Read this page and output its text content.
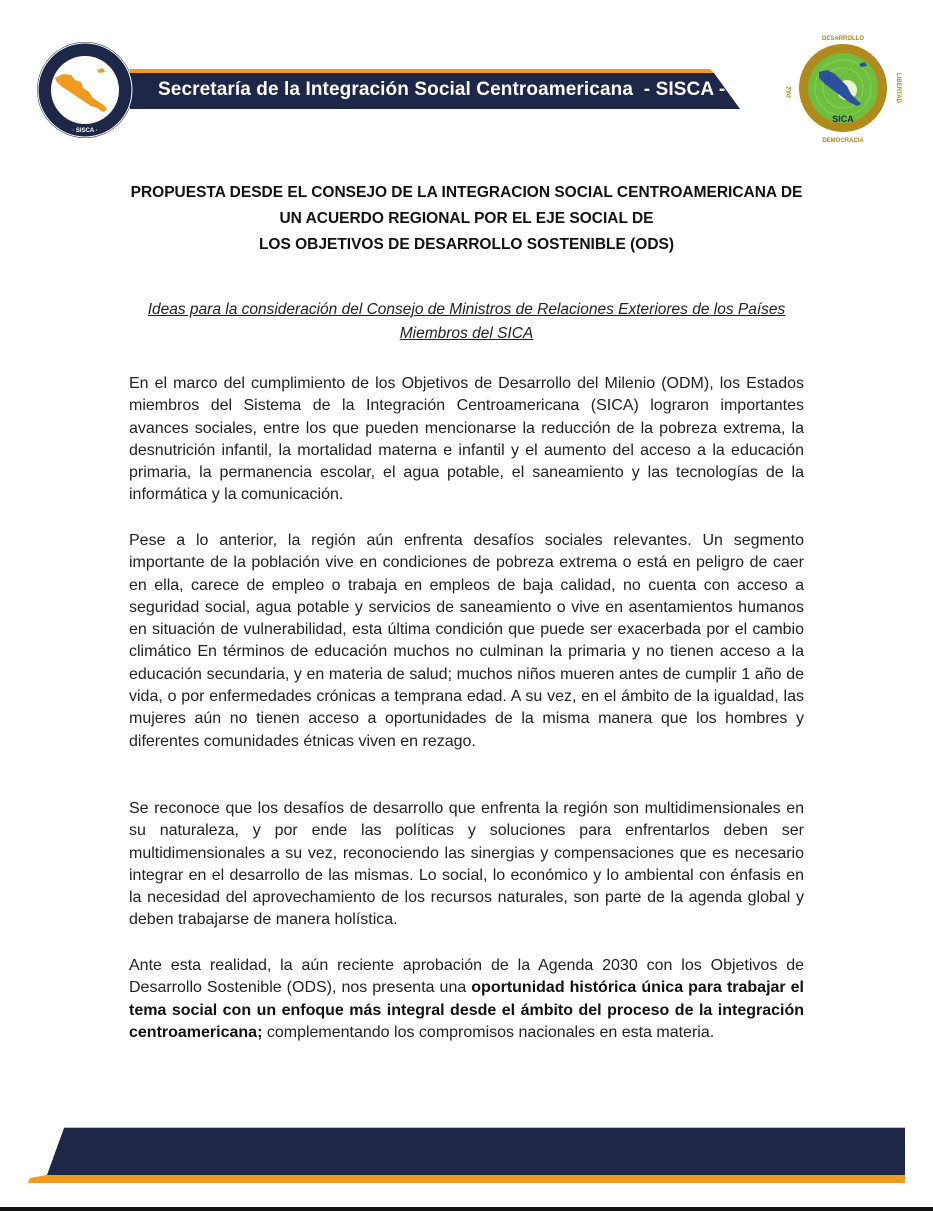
Secretaría de la Integración Social Centroamericana  - SISCA -
· SISCA ·
SICA
DESARROLLO
DEMOCRACIA
PAZ	LIBERTAD
PROPUESTA DESDE EL CONSEJO DE LA INTEGRACION SOCIAL CENTROAMERICANA DE
UN ACUERDO REGIONAL POR EL EJE SOCIAL DE
LOS OBJETIVOS DE DESARROLLO SOSTENIBLE (ODS)
Ideas para la consideración del Consejo de Ministros de Relaciones Exteriores de los Países
Miembros del SICA

En el marco del cumplimiento de los Objetivos de Desarrollo del Milenio (ODM), los Estados miembros del Sistema de la Integración Centroamericana (SICA) lograron importantes avances sociales, entre los que pueden mencionarse la reducción de la pobreza extrema, la desnutrición infantil, la mortalidad materna e infantil y el aumento del acceso a la educación primaria, la permanencia escolar, el agua potable, el saneamiento y las tecnologías de la informática y la comunicación.

Pese a lo anterior, la región aún enfrenta desafíos sociales relevantes. Un segmento importante de la población vive en condiciones de pobreza extrema o está en peligro de caer en ella, carece de empleo o trabaja en empleos de baja calidad, no cuenta con acceso a seguridad social, agua potable y servicios de saneamiento o vive en asentamientos humanos en situación de vulnerabilidad, esta última condición que puede ser exacerbada por el cambio climático En términos de educación muchos no culminan la primaria y no tienen acceso a la educación secundaria, y en materia de salud; muchos niños mueren antes de cumplir 1 año de vida, o por enfermedades crónicas a temprana edad. A su vez, en el ámbito de la igualdad, las mujeres aún no tienen acceso a oportunidades de la misma manera que los hombres y diferentes comunidades étnicas viven en rezago.

Se reconoce que los desafíos de desarrollo que enfrenta la región son multidimensionales en su naturaleza, y por ende las políticas y soluciones para enfrentarlos deben ser multidimensionales a su vez, reconociendo las sinergias y compensaciones que es necesario integrar en el desarrollo de las mismas. Lo social, lo económico y lo ambiental con énfasis en la necesidad del aprovechamiento de los recursos naturales, son parte de la agenda global y deben trabajarse de manera holística.

Ante esta realidad, la aún reciente aprobación de la Agenda 2030 con los Objetivos de Desarrollo Sostenible (ODS), nos presenta una oportunidad histórica única para trabajar el tema social con un enfoque más integral desde el ámbito del proceso de la integración centroamericana; complementando los compromisos nacionales en esta materia.
